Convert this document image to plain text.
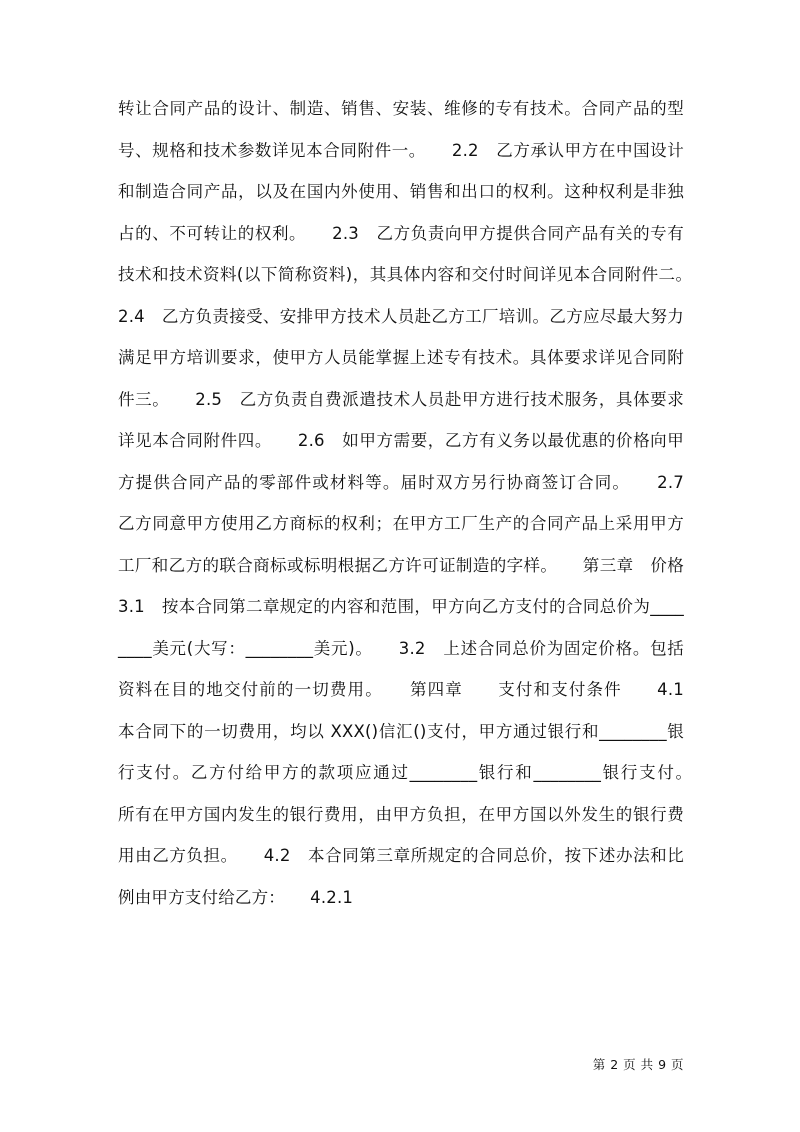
转让合同产品的设计、制造、销售、安装、维修的专有技术。合同产品的型号、规格和技术参数详见本合同附件一。　　2.2　乙方承认甲方在中国设计和制造合同产品，以及在国内外使用、销售和出口的权利。这种权利是非独占的、不可转让的权利。　　2.3　乙方负责向甲方提供合同产品有关的专有技术和技术资料(以下简称资料)，其具体内容和交付时间详见本合同附件二。　　2.4　乙方负责接受、安排甲方技术人员赴乙方工厂培训。乙方应尽最大努力满足甲方培训要求，使甲方人员能掌握上述专有技术。具体要求详见合同附件三。　　2.5　乙方负责自费派遣技术人员赴甲方进行技术服务，具体要求详见本合同附件四。　　2.6　如甲方需要，乙方有义务以最优惠的价格向甲方提供合同产品的零部件或材料等。届时双方另行协商签订合同。　　2.7　乙方同意甲方使用乙方商标的权利；在甲方工厂生产的合同产品上采用甲方工厂和乙方的联合商标或标明根据乙方许可证制造的字样。　　第三章　价格　　3.1　按本合同第二章规定的内容和范围，甲方向乙方支付的合同总价为________美元(大写：________美元)。　　3.2　上述合同总价为固定价格。包括资料在目的地交付前的一切费用。　　第四章　　支付和支付条件　　4.1　本合同下的一切费用，均以 XXX()信汇()支付，甲方通过银行和________银行支付。乙方付给甲方的款项应通过________银行和________银行支付。　　所有在甲方国内发生的银行费用，由甲方负担，在甲方国以外发生的银行费用由乙方负担。　　4.2　本合同第三章所规定的合同总价，按下述办法和比例由甲方支付给乙方：　　4.2.1

第 2 页 共 9 页
